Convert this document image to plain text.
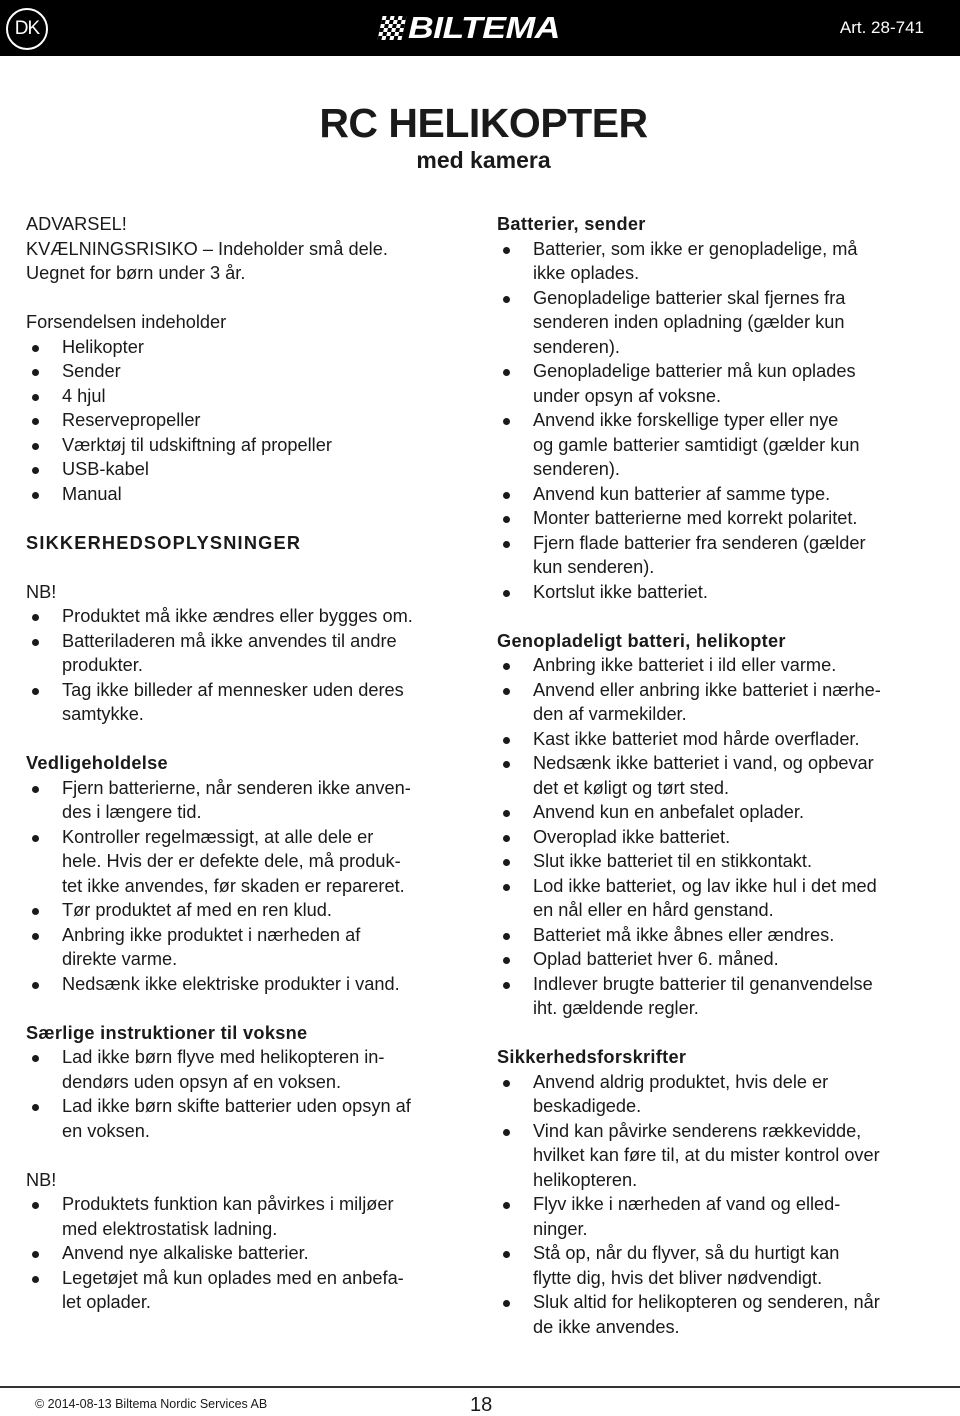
DK	BILTEMA	Art. 28-741
RC HELIKOPTER
med kamera
ADVARSEL!
KVÆLNINGSRISIKO – Indeholder små dele.
Uegnet for børn under 3 år.
Forsendelsen indeholder
Helikopter
Sender
4 hjul
Reservepropeller
Værktøj til udskiftning af propeller
USB-kabel
Manual
SIKKERHEDSOPLYSNINGER
NB!
Produktet må ikke ændres eller bygges om.
Batteriladeren må ikke anvendes til andre
produkter.
Tag ikke billeder af mennesker uden deres
samtykke.
Vedligeholdelse
Fjern batterierne, når senderen ikke anven-
des i længere tid.
Kontroller regelmæssigt, at alle dele er
hele. Hvis der er defekte dele, må produk-
tet ikke anvendes, før skaden er repareret.
Tør produktet af med en ren klud.
Anbring ikke produktet i nærheden af
direkte varme.
Nedsænk ikke elektriske produkter i vand.
Særlige instruktioner til voksne
Lad ikke børn flyve med helikopteren in-
dendørs uden opsyn af en voksen.
Lad ikke børn skifte batterier uden opsyn af
en voksen.
NB!
Produktets funktion kan påvirkes i miljøer
med elektrostatisk ladning.
Anvend nye alkaliske batterier.
Legetøjet må kun oplades med en anbefa-
let oplader.
Batterier, sender
Batterier, som ikke er genopladelige, må
ikke oplades.
Genopladelige batterier skal fjernes fra
senderen inden opladning (gælder kun
senderen).
Genopladelige batterier må kun oplades
under opsyn af voksne.
Anvend ikke forskellige typer eller nye
og gamle batterier samtidigt (gælder kun
senderen).
Anvend kun batterier af samme type.
Monter batterierne med korrekt polaritet.
Fjern flade batterier fra senderen (gælder
kun senderen).
Kortslut ikke batteriet.
Genopladeligt batteri, helikopter
Anbring ikke batteriet i ild eller varme.
Anvend eller anbring ikke batteriet i nærhe-
den af varmekilder.
Kast ikke batteriet mod hårde overflader.
Nedsænk ikke batteriet i vand, og opbevar
det et køligt og tørt sted.
Anvend kun en anbefalet oplader.
Overoplad ikke batteriet.
Slut ikke batteriet til en stikkontakt.
Lod ikke batteriet, og lav ikke hul i det med
en nål eller en hård genstand.
Batteriet må ikke åbnes eller ændres.
Oplad batteriet hver 6. måned.
Indlever brugte batterier til genanvendelse
iht. gældende regler.
Sikkerhedsforskrifter
Anvend aldrig produktet, hvis dele er
beskadigede.
Vind kan påvirke senderens rækkevidde,
hvilket kan føre til, at du mister kontrol over
helikopteren.
Flyv ikke i nærheden af vand og elled-
ninger.
Stå op, når du flyver, så du hurtigt kan
flytte dig, hvis det bliver nødvendigt.
Sluk altid for helikopteren og senderen, når
de ikke anvendes.
© 2014-08-13 Biltema Nordic Services AB	18
